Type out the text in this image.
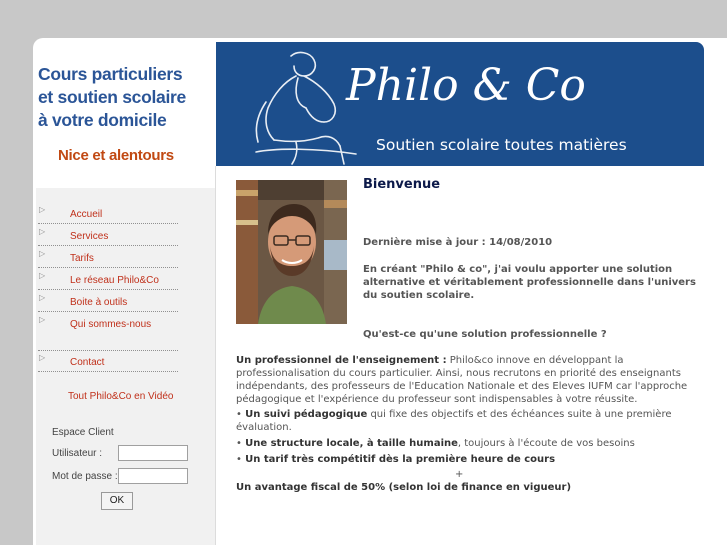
Cours particuliers
et soutien scolaire
à votre domicile
Nice et alentours
Philo & Co
Soutien scolaire toutes matières
▷ Accueil
▷ Services
▷ Tarifs
▷ Le réseau Philo&Co
▷ Boite à outils
▷ Qui sommes-nous
▷ Contact
Tout Philo&Co en Vidéo
Espace Client
Utilisateur :
Mot de passe :
OK
Bienvenue
Dernière mise à jour : 14/08/2010
En créant "Philo & co", j'ai voulu apporter une solution alternative et véritablement professionnelle dans l'univers du soutien scolaire.
Qu'est-ce qu'une solution professionnelle ?
Un professionnel de l'enseignement : Philo&co innove en développant la professionalisation du cours particulier. Ainsi, nous recrutons en priorité des enseignants indépendants, des professeurs de l'Education Nationale et des Eleves IUFM car l'approche pédagogique et l'expérience du professeur sont indispensables à votre réussite.
• Un suivi pédagogique qui fixe des objectifs et des échéances suite à une première évaluation.
• Une structure locale, à taille humaine, toujours à l'écoute de vos besoins
• Un tarif très compétitif dès la première heure de cours
+
Un avantage fiscal de 50% (selon loi de finance en vigueur)
